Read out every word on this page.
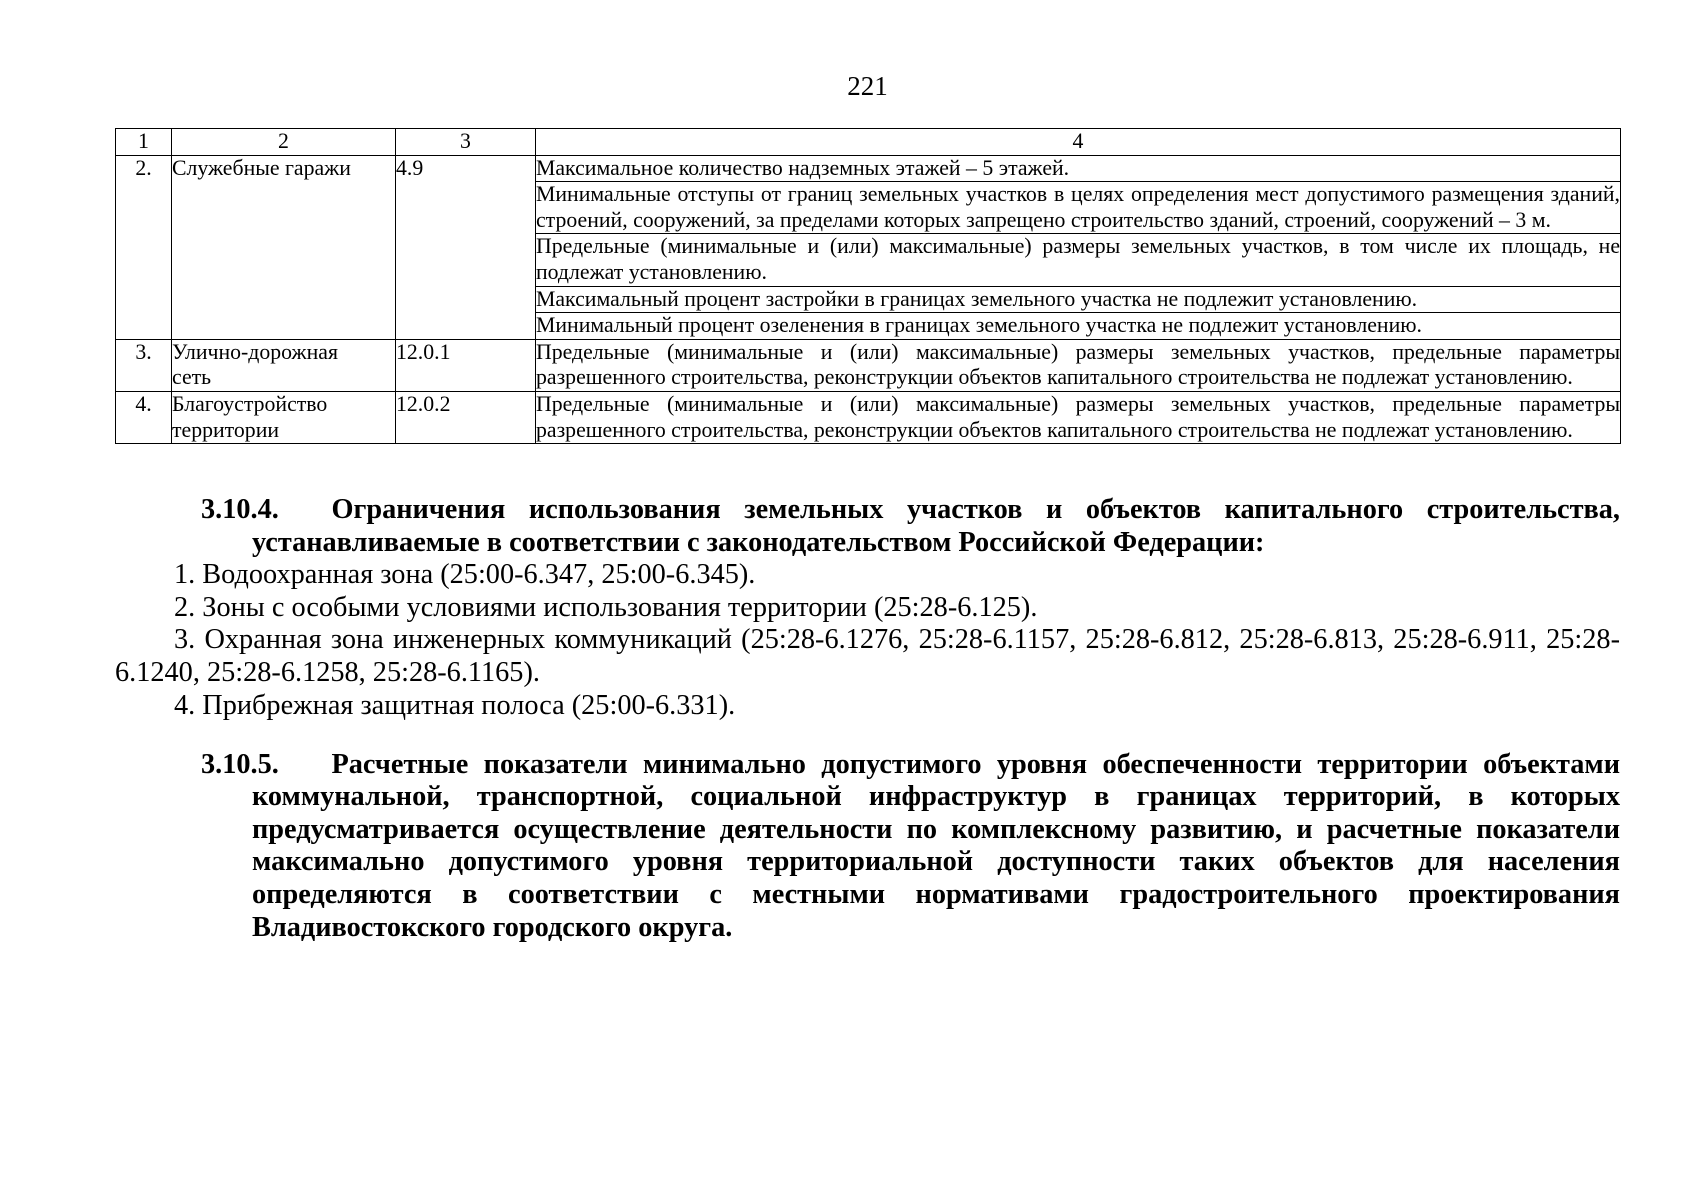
221
1	2	3	4
2.	Служебные гаражи	4.9	Максимальное количество надземных этажей – 5 этажей.
			Минимальные отступы от границ земельных участков в целях определения мест допустимого размещения зданий, строений, сооружений, за пределами которых запрещено строительство зданий, строений, сооружений – 3 м.
			Предельные (минимальные и (или) максимальные) размеры земельных участков, в том числе их площадь, не подлежат установлению.
			Максимальный процент застройки в границах земельного участка не подлежит установлению.
			Минимальный процент озеленения в границах земельного участка не подлежит установлению.
3.	Улично-дорожная сеть	12.0.1	Предельные (минимальные и (или) максимальные) размеры земельных участков, предельные параметры разрешенного строительства, реконструкции объектов капитального строительства не подлежат установлению.
4.	Благоустройство территории	12.0.2	Предельные (минимальные и (или) максимальные) размеры земельных участков, предельные параметры разрешенного строительства, реконструкции объектов капитального строительства не подлежат установлению.

3.10.4. Ограничения использования земельных участков и объектов капитального строительства, устанавливаемые в соответствии с законодательством Российской Федерации:

1. Водоохранная зона (25:00-6.347, 25:00-6.345).

2. Зоны с особыми условиями использования территории (25:28-6.125).

3. Охранная зона инженерных коммуникаций (25:28-6.1276, 25:28-6.1157, 25:28-6.812, 25:28-6.813, 25:28-6.911, 25:28-6.1240, 25:28-6.1258, 25:28-6.1165).

4. Прибрежная защитная полоса (25:00-6.331).

3.10.5. Расчетные показатели минимально допустимого уровня обеспеченности территории объектами коммунальной, транспортной, социальной инфраструктур в границах территорий, в которых предусматривается осуществление деятельности по комплексному развитию, и расчетные показатели максимально допустимого уровня территориальной доступности таких объектов для населения определяются в соответствии с местными нормативами градостроительного проектирования Владивостокского городского округа.
